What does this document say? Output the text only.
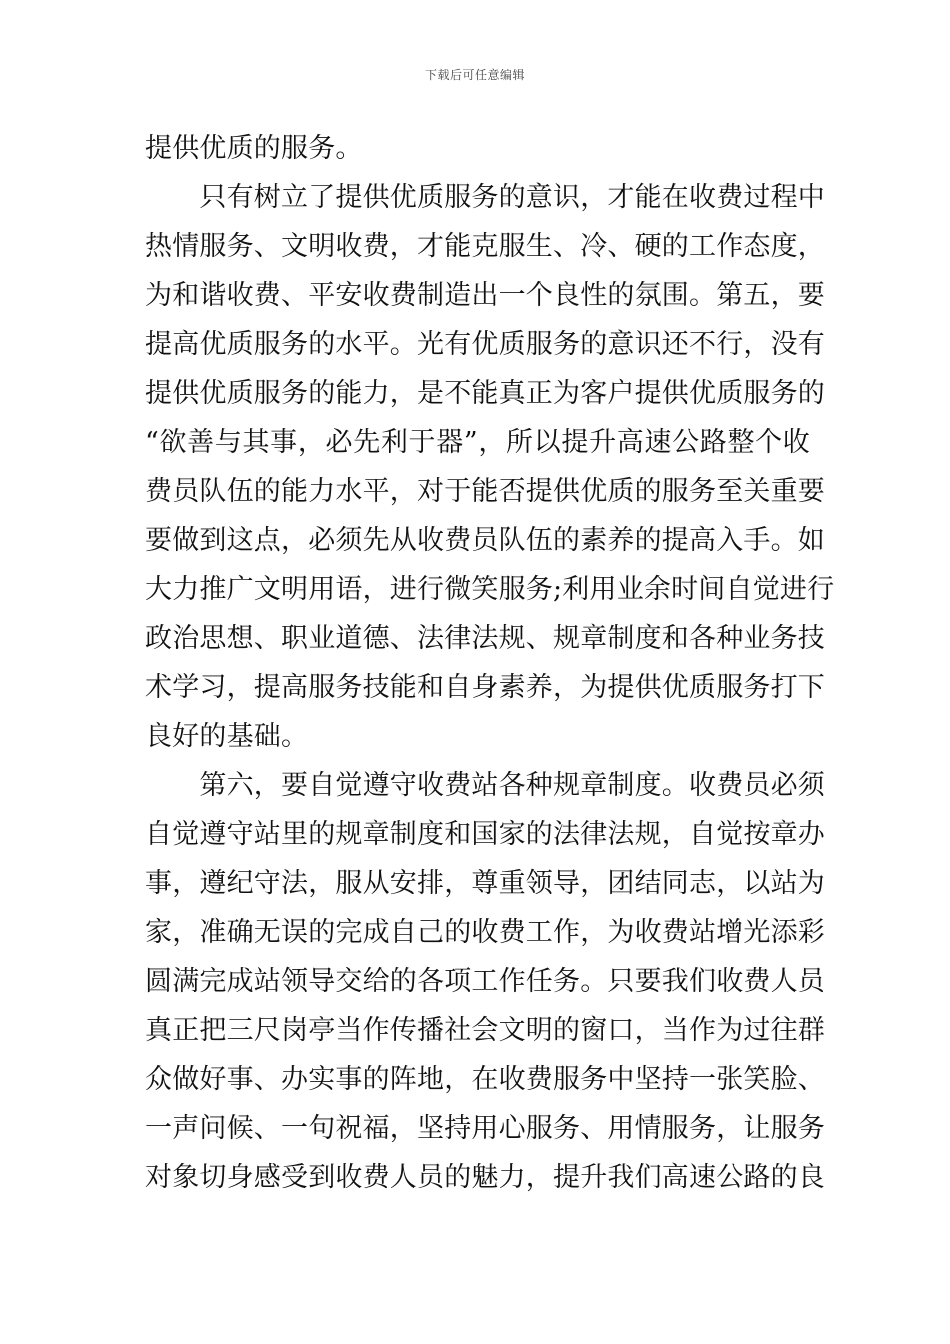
下载后可任意编辑
提供优质的服务。
　　只有树立了提供优质服务的意识，才能在收费过程中
热情服务、文明收费，才能克服生、冷、硬的工作态度，
为和谐收费、平安收费制造出一个良性的氛围。第五，要
提高优质服务的水平。光有优质服务的意识还不行，没有
提供优质服务的能力，是不能真正为客户提供优质服务的
“欲善与其事，必先利于器”，所以提升高速公路整个收
费员队伍的能力水平，对于能否提供优质的服务至关重要
要做到这点，必须先从收费员队伍的素养的提高入手。如
大力推广文明用语，进行微笑服务;利用业余时间自觉进行
政治思想、职业道德、法律法规、规章制度和各种业务技
术学习，提高服务技能和自身素养，为提供优质服务打下
良好的基础。
　　第六，要自觉遵守收费站各种规章制度。收费员必须
自觉遵守站里的规章制度和国家的法律法规，自觉按章办
事，遵纪守法，服从安排，尊重领导，团结同志，以站为
家，准确无误的完成自己的收费工作，为收费站增光添彩
圆满完成站领导交给的各项工作任务。只要我们收费人员
真正把三尺岗亭当作传播社会文明的窗口，当作为过往群
众做好事、办实事的阵地，在收费服务中坚持一张笑脸、
一声问候、一句祝福，坚持用心服务、用情服务，让服务
对象切身感受到收费人员的魅力，提升我们高速公路的良
